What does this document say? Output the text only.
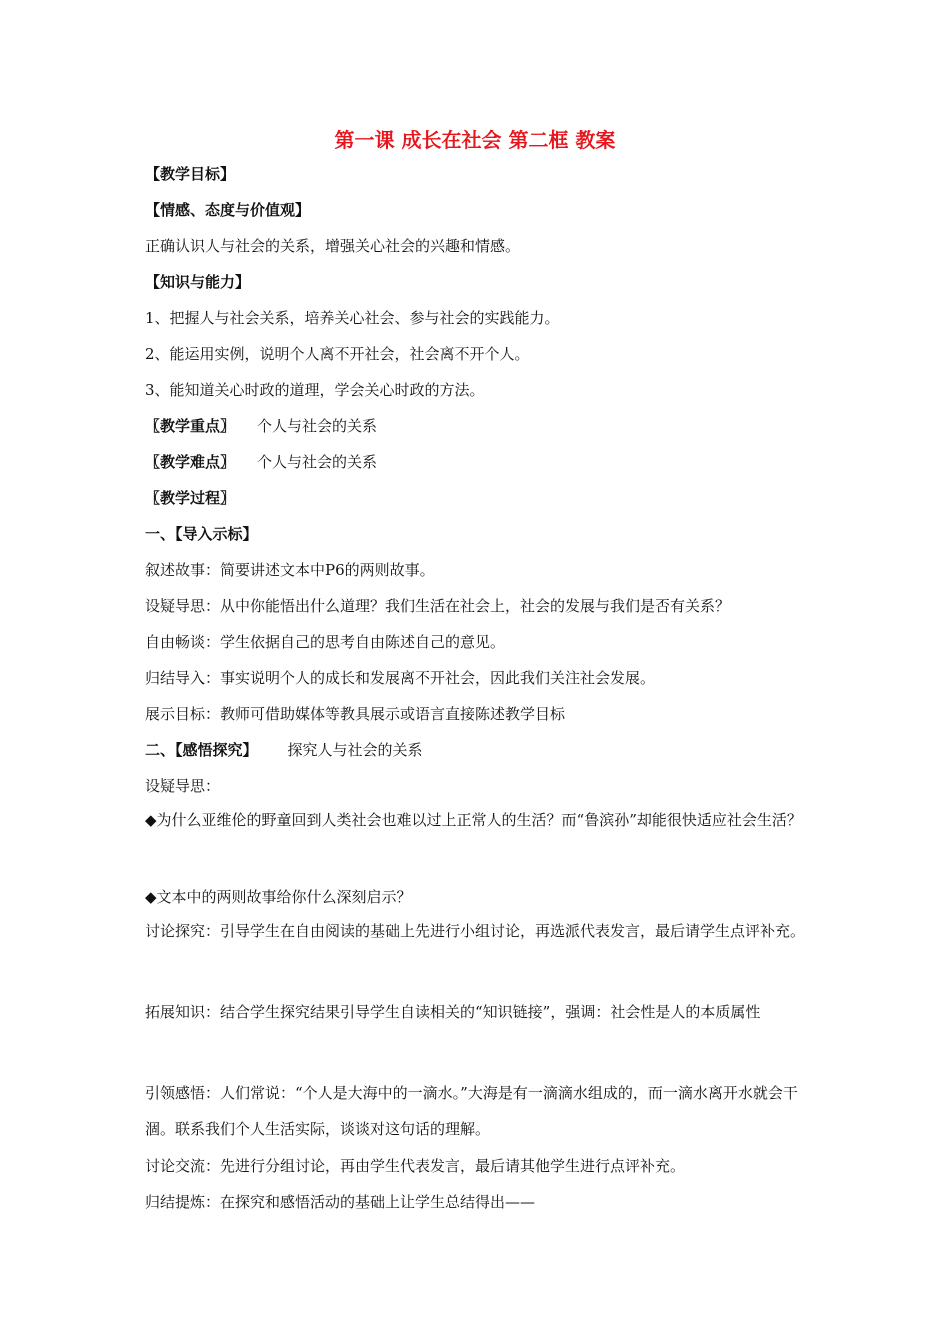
第一课 成长在社会 第二框 教案

【教学目标】

【情感、态度与价值观】

正确认识人与社会的关系，增强关心社会的兴趣和情感。

【知识与能力】

1、把握人与社会关系，培养关心社会、参与社会的实践能力。

2、能运用实例，说明个人离不开社会，社会离不开个人。

3、能知道关心时政的道理，学会关心时政的方法。

〖教学重点〗 个人与社会的关系

〖教学难点〗 个人与社会的关系

〖教学过程〗

一、【导入示标】

叙述故事：简要讲述文本中P6的两则故事。

设疑导思：从中你能悟出什么道理？我们生活在社会上，社会的发展与我们是否有关系？

自由畅谈：学生依据自己的思考自由陈述自己的意见。

归结导入：事实说明个人的成长和发展离不开社会，因此我们关注社会发展。

展示目标：教师可借助媒体等教具展示或语言直接陈述教学目标

二、【感悟探究】 探究人与社会的关系

设疑导思：

◆为什么亚维伦的野童回到人类社会也难以过上正常人的生活？而“鲁滨孙”却能很快适应社会生活？

◆文本中的两则故事给你什么深刻启示？

讨论探究：引导学生在自由阅读的基础上先进行小组讨论，再选派代表发言，最后请学生点评补充。

拓展知识：结合学生探究结果引导学生自读相关的“知识链接”，强调：社会性是人的本质属性

引领感悟：人们常说：“个人是大海中的一滴水。”大海是有一滴滴水组成的，而一滴水离开水就会干涸。联系我们个人生活实际，谈谈对这句话的理解。

讨论交流：先进行分组讨论，再由学生代表发言，最后请其他学生进行点评补充。

归结提炼：在探究和感悟活动的基础上让学生总结得出——
